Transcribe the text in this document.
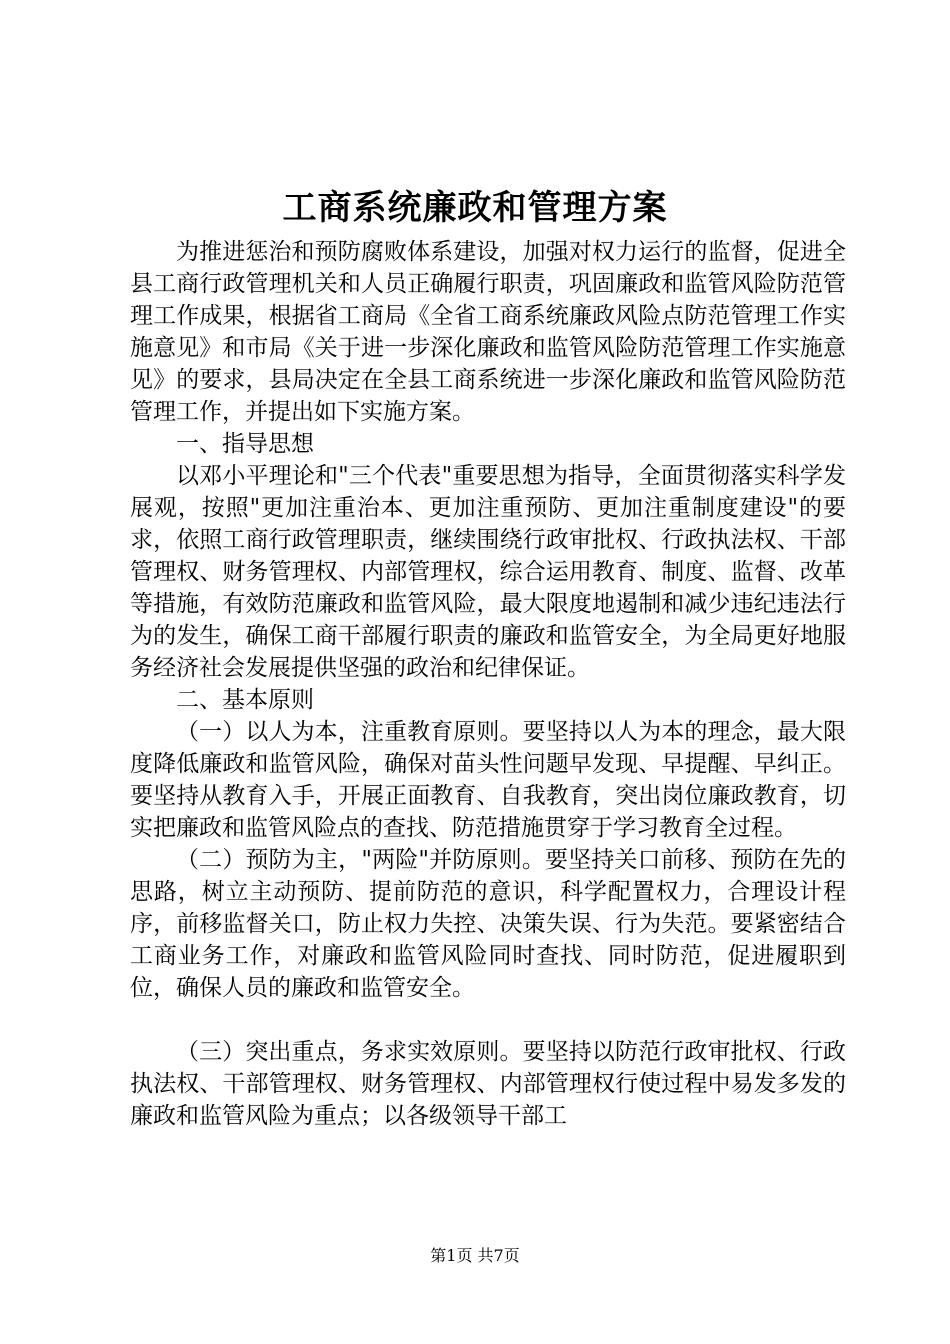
工商系统廉政和管理方案

为推进惩治和预防腐败体系建设，加强对权力运行的监督，促进全县工商行政管理机关和人员正确履行职责，巩固廉政和监管风险防范管理工作成果，根据省工商局《全省工商系统廉政风险点防范管理工作实施意见》和市局《关于进一步深化廉政和监管风险防范管理工作实施意见》的要求，县局决定在全县工商系统进一步深化廉政和监管风险防范管理工作，并提出如下实施方案。

一、指导思想

以邓小平理论和"三个代表"重要思想为指导，全面贯彻落实科学发展观，按照"更加注重治本、更加注重预防、更加注重制度建设"的要求，依照工商行政管理职责，继续围绕行政审批权、行政执法权、干部管理权、财务管理权、内部管理权，综合运用教育、制度、监督、改革等措施，有效防范廉政和监管风险，最大限度地遏制和减少违纪违法行为的发生，确保工商干部履行职责的廉政和监管安全，为全局更好地服务经济社会发展提供坚强的政治和纪律保证。

二、基本原则

（一）以人为本，注重教育原则。要坚持以人为本的理念，最大限度降低廉政和监管风险，确保对苗头性问题早发现、早提醒、早纠正。要坚持从教育入手，开展正面教育、自我教育，突出岗位廉政教育，切实把廉政和监管风险点的查找、防范措施贯穿于学习教育全过程。

（二）预防为主，"两险"并防原则。要坚持关口前移、预防在先的思路，树立主动预防、提前防范的意识，科学配置权力，合理设计程序，前移监督关口，防止权力失控、决策失误、行为失范。要紧密结合工商业务工作，对廉政和监管风险同时查找、同时防范，促进履职到位，确保人员的廉政和监管安全。

（三）突出重点，务求实效原则。要坚持以防范行政审批权、行政执法权、干部管理权、财务管理权、内部管理权行使过程中易发多发的廉政和监管风险为重点；以各级领导干部工

第1页 共7页
